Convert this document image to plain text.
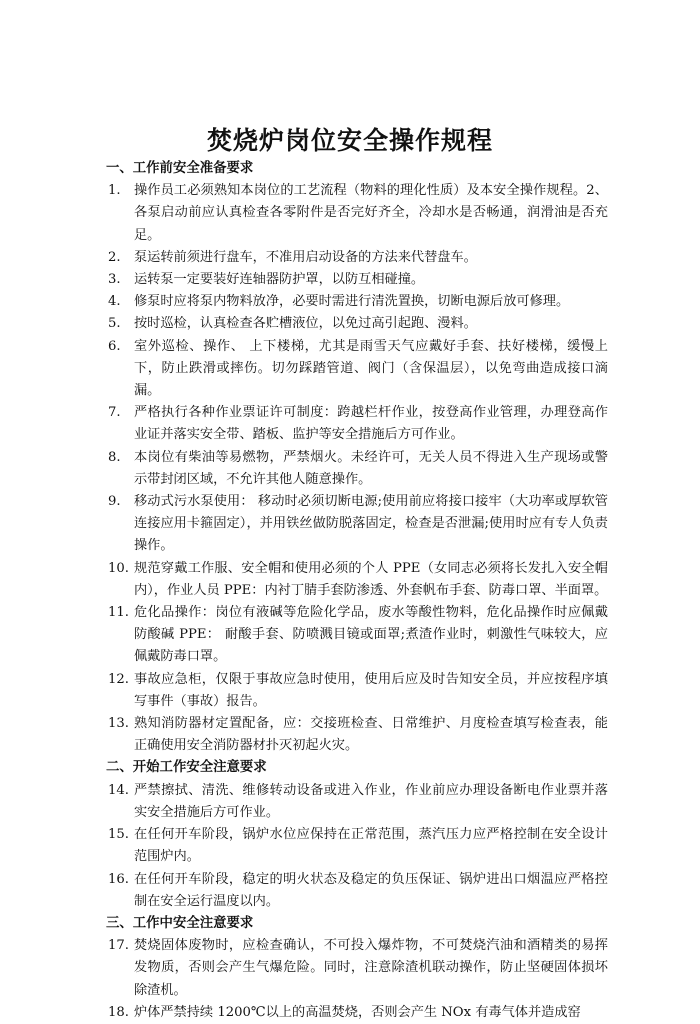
焚烧炉岗位安全操作规程
一、工作前安全准备要求
1. 操作员工必须熟知本岗位的工艺流程（物料的理化性质）及本安全操作规程。2、各泵启动前应认真检查各零附件是否完好齐全，冷却水是否畅通，润滑油是否充足。
2. 泵运转前须进行盘车，不准用启动设备的方法来代替盘车。
3. 运转泵一定要装好连轴器防护罩，以防互相碰撞。
4. 修泵时应将泵内物料放净，必要时需进行清洗置换，切断电源后放可修理。
5. 按时巡检，认真检查各贮槽液位，以免过高引起跑、漫料。
6. 室外巡检、操作、 上下楼梯，尤其是雨雪天气应戴好手套、扶好楼梯，缓慢上下，防止跌滑或摔伤。切勿踩踏管道、阀门（含保温层），以免弯曲造成接口滴漏。
7. 严格执行各种作业票证许可制度：跨越栏杆作业，按登高作业管理，办理登高作业证并落实安全带、踏板、监护等安全措施后方可作业。
8. 本岗位有柴油等易燃物，严禁烟火。未经许可，无关人员不得进入生产现场或警示带封闭区域，不允许其他人随意操作。
9. 移动式污水泵使用： 移动时必须切断电源;使用前应将接口接牢（大功率或厚软管连接应用卡箍固定），并用铁丝做防脱落固定，检查是否泄漏;使用时应有专人负责操作。
10. 规范穿戴工作服、安全帽和使用必须的个人 PPE（女同志必须将长发扎入安全帽内），作业人员 PPE：内衬丁腈手套防渗透、外套帆布手套、防毒口罩、半面罩。
11. 危化品操作：岗位有液碱等危险化学品，废水等酸性物料，危化品操作时应佩戴防酸碱 PPE： 耐酸手套、防喷溅目镜或面罩;煮渣作业时，刺激性气味较大，应佩戴防毒口罩。
12. 事故应急柜，仅限于事故应急时使用，使用后应及时告知安全员，并应按程序填写事件（事故）报告。
13. 熟知消防器材定置配备，应：交接班检查、日常维护、月度检查填写检查表，能正确使用安全消防器材扑灭初起火灾。
二、开始工作安全注意要求
14. 严禁擦拭、清洗、维修转动设备或进入作业，作业前应办理设备断电作业票并落实安全措施后方可作业。
15. 在任何开车阶段，锅炉水位应保持在正常范围，蒸汽压力应严格控制在安全设计范围炉内。
16. 在任何开车阶段，稳定的明火状态及稳定的负压保证、锅炉进出口烟温应严格控制在安全运行温度以内。
三、工作中安全注意要求
17. 焚烧固体废物时，应检查确认，不可投入爆炸物，不可焚烧汽油和酒精类的易挥发物质，否则会产生气爆危险。同时，注意除渣机联动操作，防止坚硬固体损坏除渣机。
18. 炉体严禁持续 1200℃以上的高温焚烧，否则会产生 NOx 有毒气体并造成窑
